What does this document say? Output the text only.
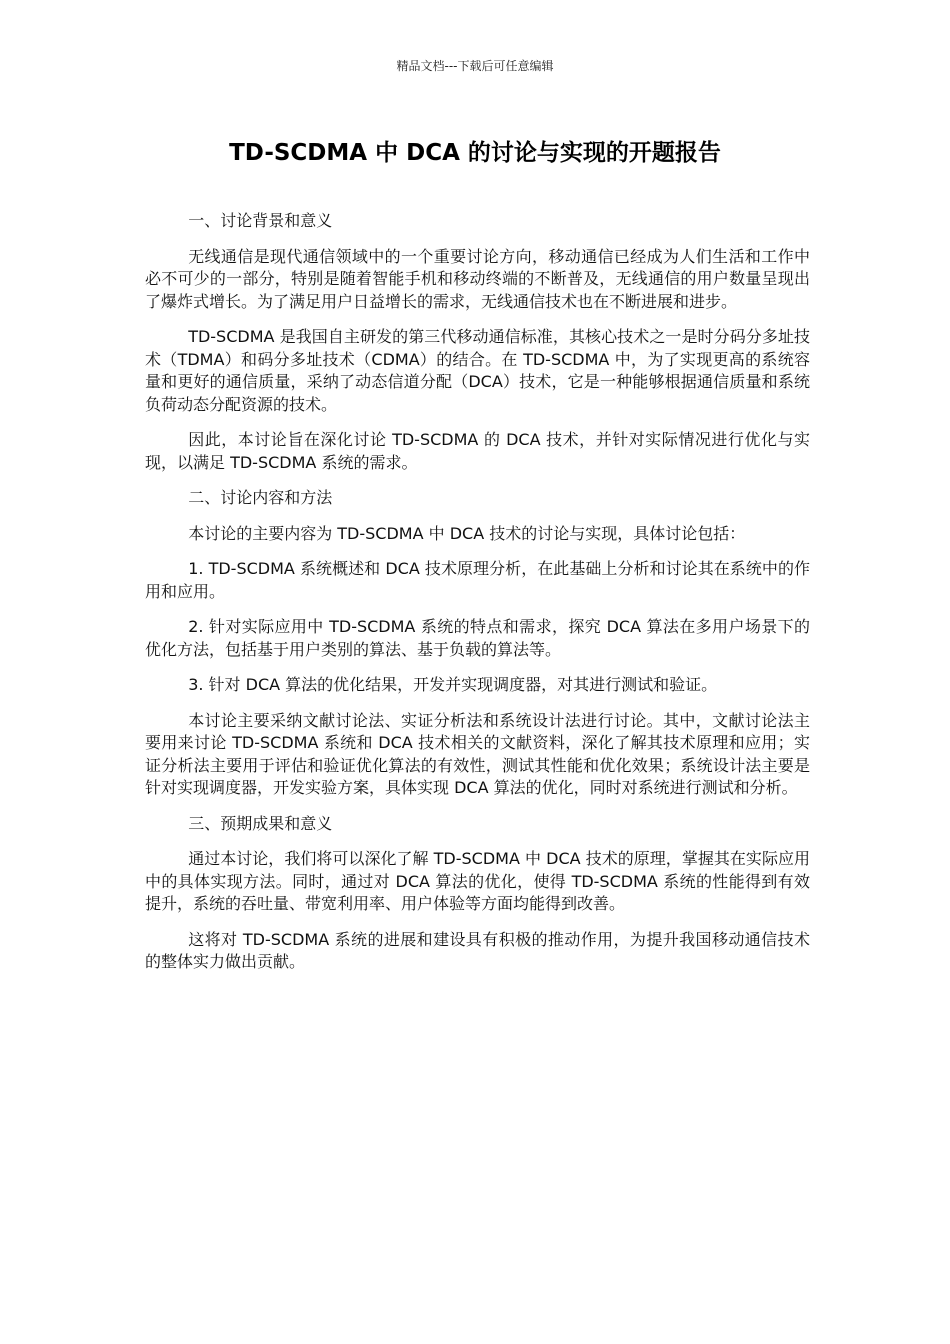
精品文档---下载后可任意编辑
TD-SCDMA 中 DCA 的讨论与实现的开题报告

一、讨论背景和意义

无线通信是现代通信领域中的一个重要讨论方向，移动通信已经成为人们生活和工作中必不可少的一部分，特别是随着智能手机和移动终端的不断普及，无线通信的用户数量呈现出了爆炸式增长。为了满足用户日益增长的需求，无线通信技术也在不断进展和进步。

TD-SCDMA 是我国自主研发的第三代移动通信标准，其核心技术之一是时分码分多址技术（TDMA）和码分多址技术（CDMA）的结合。在 TD-SCDMA 中，为了实现更高的系统容量和更好的通信质量，采纳了动态信道分配（DCA）技术，它是一种能够根据通信质量和系统负荷动态分配资源的技术。

因此，本讨论旨在深化讨论 TD-SCDMA 的 DCA 技术，并针对实际情况进行优化与实现，以满足 TD-SCDMA 系统的需求。

二、讨论内容和方法

本讨论的主要内容为 TD-SCDMA 中 DCA 技术的讨论与实现，具体讨论包括：

1. TD-SCDMA 系统概述和 DCA 技术原理分析，在此基础上分析和讨论其在系统中的作用和应用。

2. 针对实际应用中 TD-SCDMA 系统的特点和需求，探究 DCA 算法在多用户场景下的优化方法，包括基于用户类别的算法、基于负载的算法等。

3. 针对 DCA 算法的优化结果，开发并实现调度器，对其进行测试和验证。

本讨论主要采纳文献讨论法、实证分析法和系统设计法进行讨论。其中，文献讨论法主要用来讨论 TD-SCDMA 系统和 DCA 技术相关的文献资料，深化了解其技术原理和应用；实证分析法主要用于评估和验证优化算法的有效性，测试其性能和优化效果；系统设计法主要是针对实现调度器，开发实验方案，具体实现 DCA 算法的优化，同时对系统进行测试和分析。

三、预期成果和意义

通过本讨论，我们将可以深化了解 TD-SCDMA 中 DCA 技术的原理，掌握其在实际应用中的具体实现方法。同时，通过对 DCA 算法的优化，使得 TD-SCDMA 系统的性能得到有效提升，系统的吞吐量、带宽利用率、用户体验等方面均能得到改善。

这将对 TD-SCDMA 系统的进展和建设具有积极的推动作用，为提升我国移动通信技术的整体实力做出贡献。
